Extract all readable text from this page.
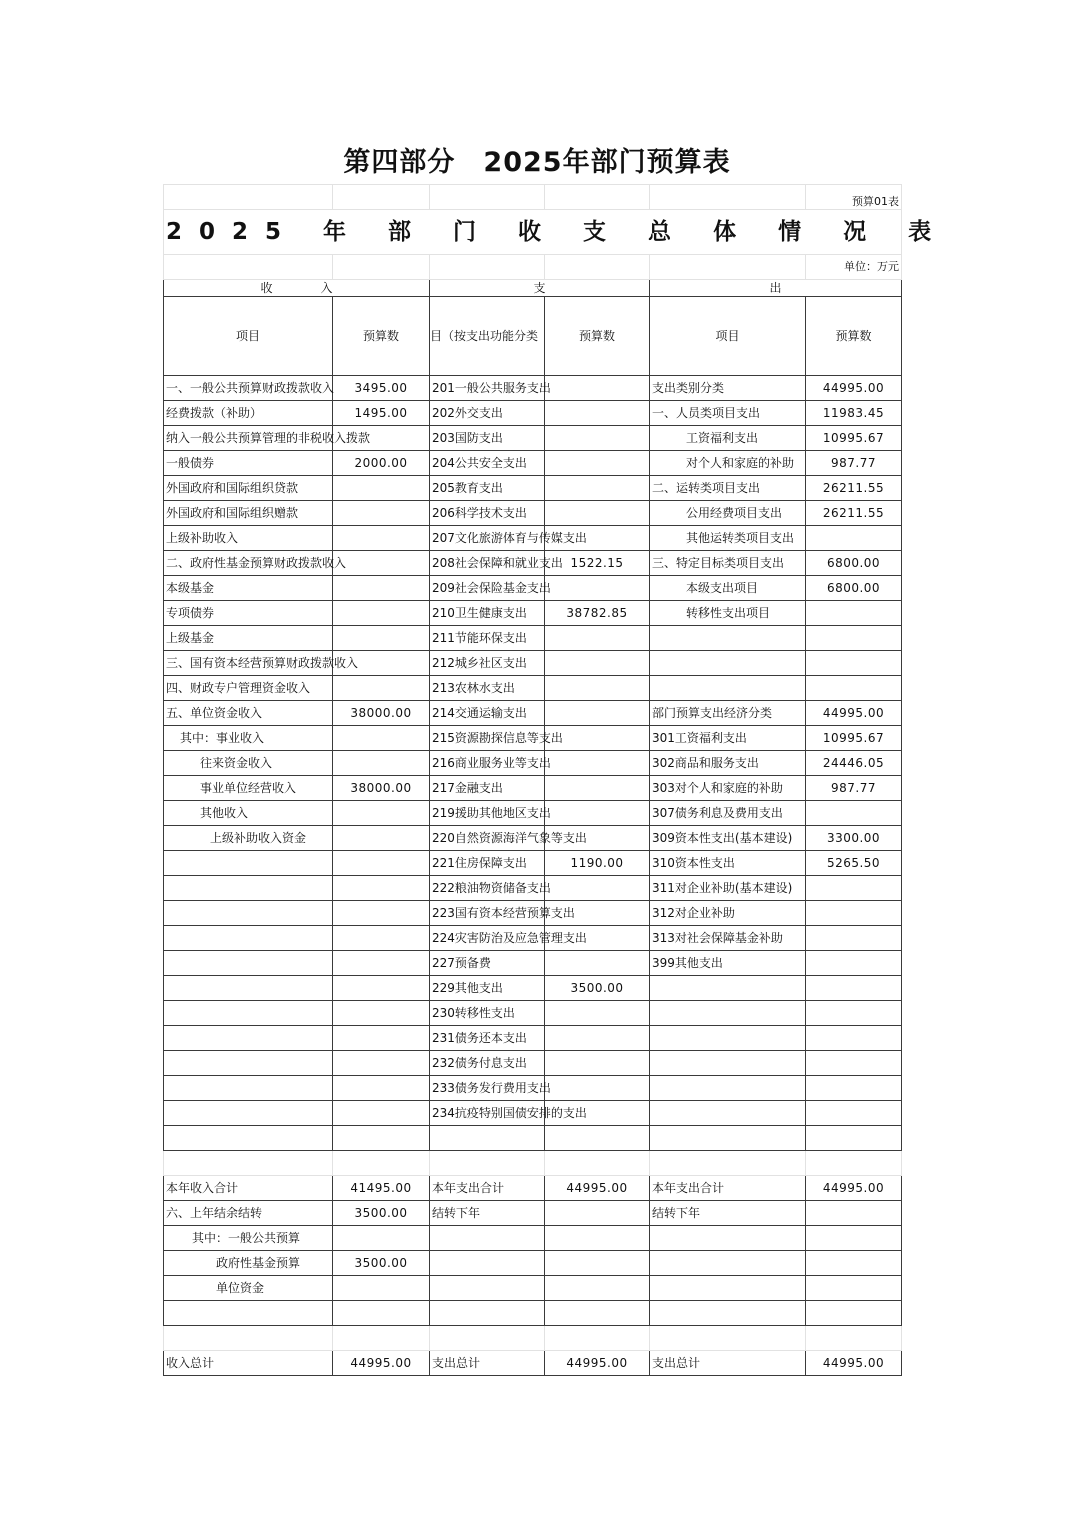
第四部分　2025年部门预算表
					预算01表
2025 年 部 门 收 支 总 体 情 况 表					
					单位：万元
收　　　　入		支		出	
项目	预算数	目（按支出功能分类	预算数	项目	预算数
一、一般公共预算财政拨款收入	3495.00	201一般公共服务支出		支出类别分类	44995.00
经费拨款（补助）	1495.00	202外交支出		一、人员类项目支出	11983.45
纳入一般公共预算管理的非税收入拨款		203国防支出		工资福利支出	10995.67
一般债券	2000.00	204公共安全支出		对个人和家庭的补助	987.77
外国政府和国际组织贷款		205教育支出		二、运转类项目支出	26211.55
外国政府和国际组织赠款		206科学技术支出		公用经费项目支出	26211.55
上级补助收入		207文化旅游体育与传媒支出		其他运转类项目支出	
二、政府性基金预算财政拨款收入		208社会保障和就业支出	1522.15	三、特定目标类项目支出	6800.00
本级基金		209社会保险基金支出		本级支出项目	6800.00
专项债券		210卫生健康支出	38782.85	转移性支出项目	
上级基金		211节能环保支出			
三、国有资本经营预算财政拨款收入		212城乡社区支出			
四、财政专户管理资金收入		213农林水支出			
五、单位资金收入	38000.00	214交通运输支出		部门预算支出经济分类	44995.00
其中：事业收入		215资源勘探信息等支出		301工资福利支出	10995.67
往来资金收入		216商业服务业等支出		302商品和服务支出	24446.05
事业单位经营收入	38000.00	217金融支出		303对个人和家庭的补助	987.77
其他收入		219援助其他地区支出		307债务利息及费用支出	
上级补助收入资金		220自然资源海洋气象等支出		309资本性支出(基本建设)	3300.00
		221住房保障支出	1190.00	310资本性支出	5265.50
		222粮油物资储备支出		311对企业补助(基本建设)	
		223国有资本经营预算支出		312对企业补助	
		224灾害防治及应急管理支出		313对社会保障基金补助	
		227预备费		399其他支出	
		229其他支出	3500.00		
		230转移性支出			
		231债务还本支出			
		232债务付息支出			
		233债务发行费用支出			
		234抗疫特别国债安排的支出			

本年收入合计	41495.00	本年支出合计	44995.00	本年支出合计	44995.00
六、上年结余结转	3500.00	结转下年		结转下年	
其中：一般公共预算					
政府性基金预算	3500.00				
单位资金					

收入总计	44995.00	支出总计	44995.00	支出总计	44995.00
